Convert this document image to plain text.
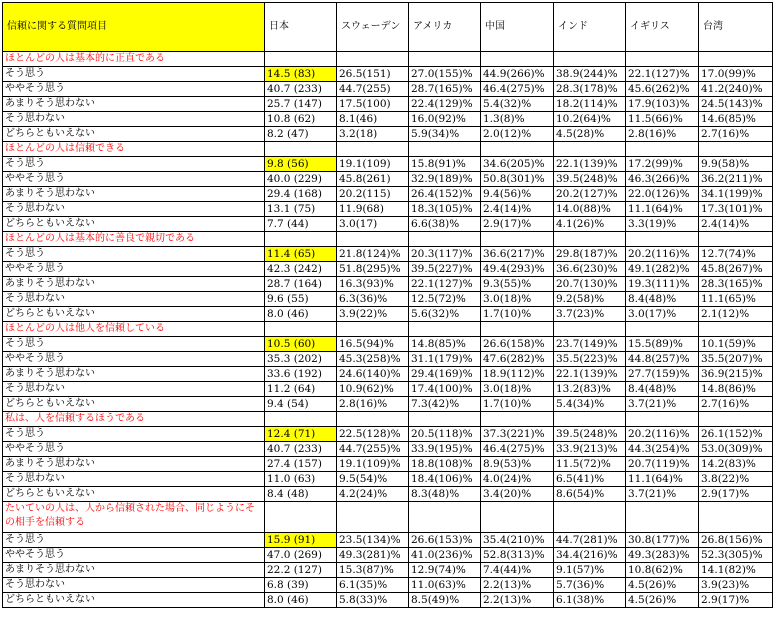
信頼に関する質問項目	日本	スウェーデン	アメリカ	中国	インド	イギリス	台湾
ほとんどの人は基本的に正直である							
そう思う	14.5 (83)	26.5(151)	27.0(155)%	44.9(266)%	38.9(244)%	22.1(127)%	17.0(99)%
ややそう思う	40.7 (233)	44.7(255)	28.7(165)%	46.4(275)%	28.3(178)%	45.6(262)%	41.2(240)%
あまりそう思わない	25.7 (147)	17.5(100)	22.4(129)%	5.4(32)%	18.2(114)%	17.9(103)%	24.5(143)%
そう思わない	10.8 (62)	8.1(46)	16.0(92)%	1.3(8)%	10.2(64)%	11.5(66)%	14.6(85)%
どちらともいえない	8.2 (47)	3.2(18)	5.9(34)%	2.0(12)%	4.5(28)%	2.8(16)%	2.7(16)%
ほとんどの人は信頼できる							
そう思う	9.8 (56)	19.1(109)	15.8(91)%	34.6(205)%	22.1(139)%	17.2(99)%	9.9(58)%
ややそう思う	40.0 (229)	45.8(261)	32.9(189)%	50.8(301)%	39.5(248)%	46.3(266)%	36.2(211)%
あまりそう思わない	29.4 (168)	20.2(115)	26.4(152)%	9.4(56)%	20.2(127)%	22.0(126)%	34.1(199)%
そう思わない	13.1 (75)	11.9(68)	18.3(105)%	2.4(14)%	14.0(88)%	11.1(64)%	17.3(101)%
どちらともいえない	7.7 (44)	3.0(17)	6.6(38)%	2.9(17)%	4.1(26)%	3.3(19)%	2.4(14)%
ほとんどの人は基本的に善良で親切である							
そう思う	11.4 (65)	21.8(124)%	20.3(117)%	36.6(217)%	29.8(187)%	20.2(116)%	12.7(74)%
ややそう思う	42.3 (242)	51.8(295)%	39.5(227)%	49.4(293)%	36.6(230)%	49.1(282)%	45.8(267)%
あまりそう思わない	28.7 (164)	16.3(93)%	22.1(127)%	9.3(55)%	20.7(130)%	19.3(111)%	28.3(165)%
そう思わない	9.6 (55)	6.3(36)%	12.5(72)%	3.0(18)%	9.2(58)%	8.4(48)%	11.1(65)%
どちらともいえない	8.0 (46)	3.9(22)%	5.6(32)%	1.7(10)%	3.7(23)%	3.0(17)%	2.1(12)%
ほとんどの人は他人を信頼している							
そう思う	10.5 (60)	16.5(94)%	14.8(85)%	26.6(158)%	23.7(149)%	15.5(89)%	10.1(59)%
ややそう思う	35.3 (202)	45.3(258)%	31.1(179)%	47.6(282)%	35.5(223)%	44.8(257)%	35.5(207)%
あまりそう思わない	33.6 (192)	24.6(140)%	29.4(169)%	18.9(112)%	22.1(139)%	27.7(159)%	36.9(215)%
そう思わない	11.2 (64)	10.9(62)%	17.4(100)%	3.0(18)%	13.2(83)%	8.4(48)%	14.8(86)%
どちらともいえない	9.4 (54)	2.8(16)%	7.3(42)%	1.7(10)%	5.4(34)%	3.7(21)%	2.7(16)%
私は、人を信頼するほうである							
そう思う	12.4 (71)	22.5(128)%	20.5(118)%	37.3(221)%	39.5(248)%	20.2(116)%	26.1(152)%
ややそう思う	40.7 (233)	44.7(255)%	33.9(195)%	46.4(275)%	33.9(213)%	44.3(254)%	53.0(309)%
あまりそう思わない	27.4 (157)	19.1(109)%	18.8(108)%	8.9(53)%	11.5(72)%	20.7(119)%	14.2(83)%
そう思わない	11.0 (63)	9.5(54)%	18.4(106)%	4.0(24)%	6.5(41)%	11.1(64)%	3.8(22)%
どちらともいえない	8.4 (48)	4.2(24)%	8.3(48)%	3.4(20)%	8.6(54)%	3.7(21)%	2.9(17)%
たいていの人は、人から信頼された場合、同じようにその相手を信頼する							
そう思う	15.9 (91)	23.5(134)%	26.6(153)%	35.4(210)%	44.7(281)%	30.8(177)%	26.8(156)%
ややそう思う	47.0 (269)	49.3(281)%	41.0(236)%	52.8(313)%	34.4(216)%	49.3(283)%	52.3(305)%
あまりそう思わない	22.2 (127)	15.3(87)%	12.9(74)%	7.4(44)%	9.1(57)%	10.8(62)%	14.1(82)%
そう思わない	6.8 (39)	6.1(35)%	11.0(63)%	2.2(13)%	5.7(36)%	4.5(26)%	3.9(23)%
どちらともいえない	8.0 (46)	5.8(33)%	8.5(49)%	2.2(13)%	6.1(38)%	4.5(26)%	2.9(17)%
